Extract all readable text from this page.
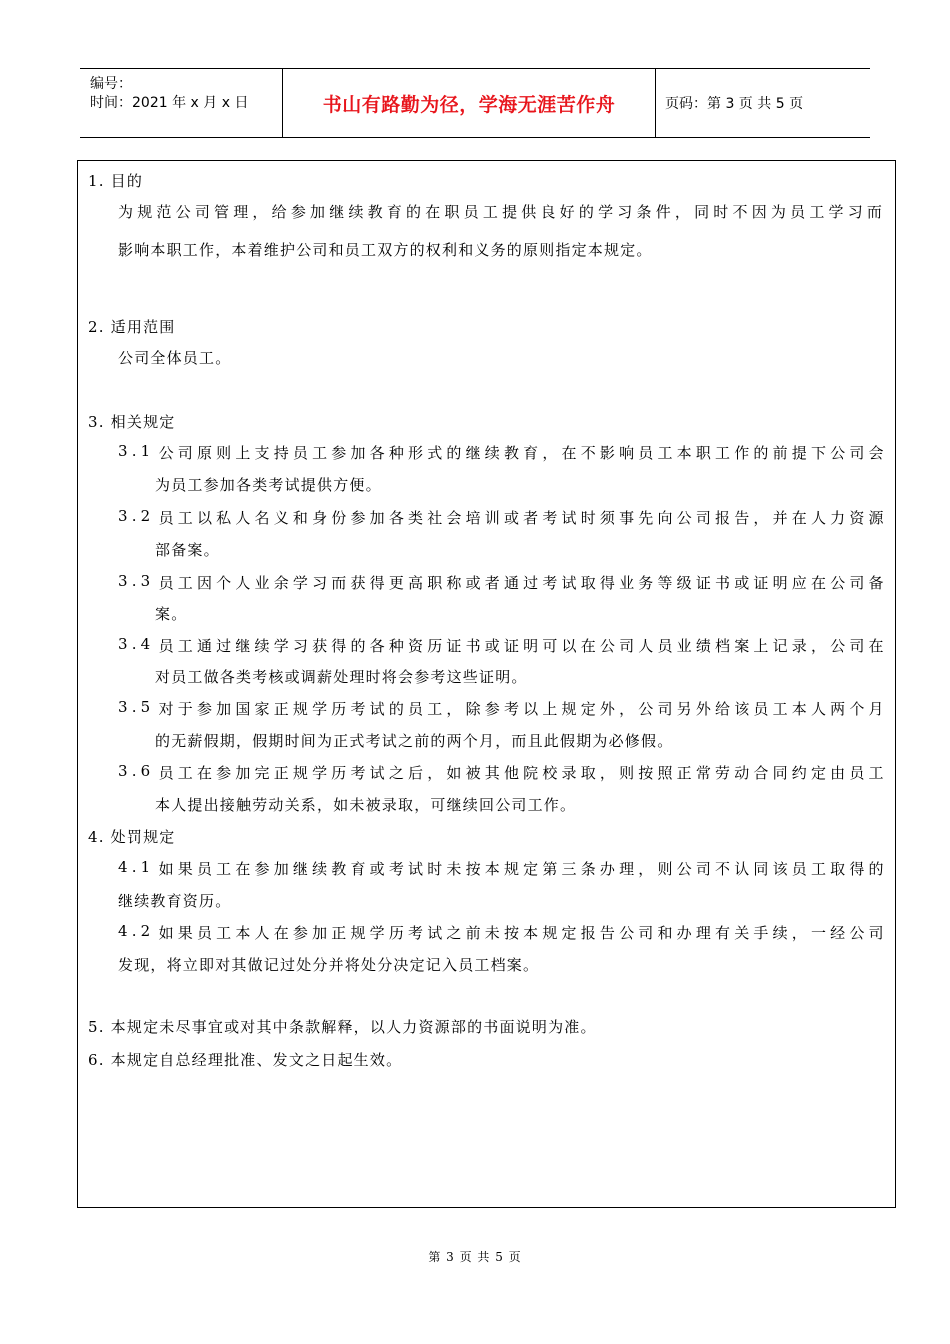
编号：
时间：2021 年 x 月 x 日	书山有路勤为径，学海无涯苦作舟	页码：第 3 页 共 5 页
1. 目的
为 规 范 公 司 管 理 ， 给 参 加 继 续 教 育 的 在 职 员 工 提 供 良 好 的 学 习 条 件 ， 同 时 不 因 为 员 工 学 习 而
影响本职工作，本着维护公司和员工双方的权利和义务的原则指定本规定。
2. 适用范围
公司全体员工。
3. 相关规定
3 . 1 公 司 原 则 上 支 持 员 工 参 加 各 种 形 式 的 继 续 教 育 ， 在 不 影 响 员 工 本 职 工 作 的 前 提 下 公 司 会
为员工参加各类考试提供方便。
3 . 2 员 工 以 私 人 名 义 和 身 份 参 加 各 类 社 会 培 训 或 者 考 试 时 须 事 先 向 公 司 报 告 ， 并 在 人 力 资 源
部备案。
3 . 3 员 工 因 个 人 业 余 学 习 而 获 得 更 高 职 称 或 者 通 过 考 试 取 得 业 务 等 级 证 书 或 证 明 应 在 公 司 备
案。
3 . 4 员 工 通 过 继 续 学 习 获 得 的 各 种 资 历 证 书 或 证 明 可 以 在 公 司 人 员 业 绩 档 案 上 记 录 ， 公 司 在
对员工做各类考核或调薪处理时将会参考这些证明。
3 . 5 对 于 参 加 国 家 正 规 学 历 考 试 的 员 工 ， 除 参 考 以 上 规 定 外 ， 公 司 另 外 给 该 员 工 本 人 两 个 月
的无薪假期，假期时间为正式考试之前的两个月，而且此假期为必修假。
3 . 6 员 工 在 参 加 完 正 规 学 历 考 试 之 后 ， 如 被 其 他 院 校 录 取 ， 则 按 照 正 常 劳 动 合 同 约 定 由 员 工
本人提出接触劳动关系，如未被录取，可继续回公司工作。
4. 处罚规定
4 . 1 如 果 员 工 在 参 加 继 续 教 育 或 考 试 时 未 按 本 规 定 第 三 条 办 理 ， 则 公 司 不 认 同 该 员 工 取 得 的
继续教育资历。
4 . 2 如 果 员 工 本 人 在 参 加 正 规 学 历 考 试 之 前 未 按 本 规 定 报 告 公 司 和 办 理 有 关 手 续 ， 一 经 公 司
发现，将立即对其做记过处分并将处分决定记入员工档案。
5. 本规定未尽事宜或对其中条款解释，以人力资源部的书面说明为准。
6. 本规定自总经理批准、发文之日起生效。
第 3 页 共 5 页
